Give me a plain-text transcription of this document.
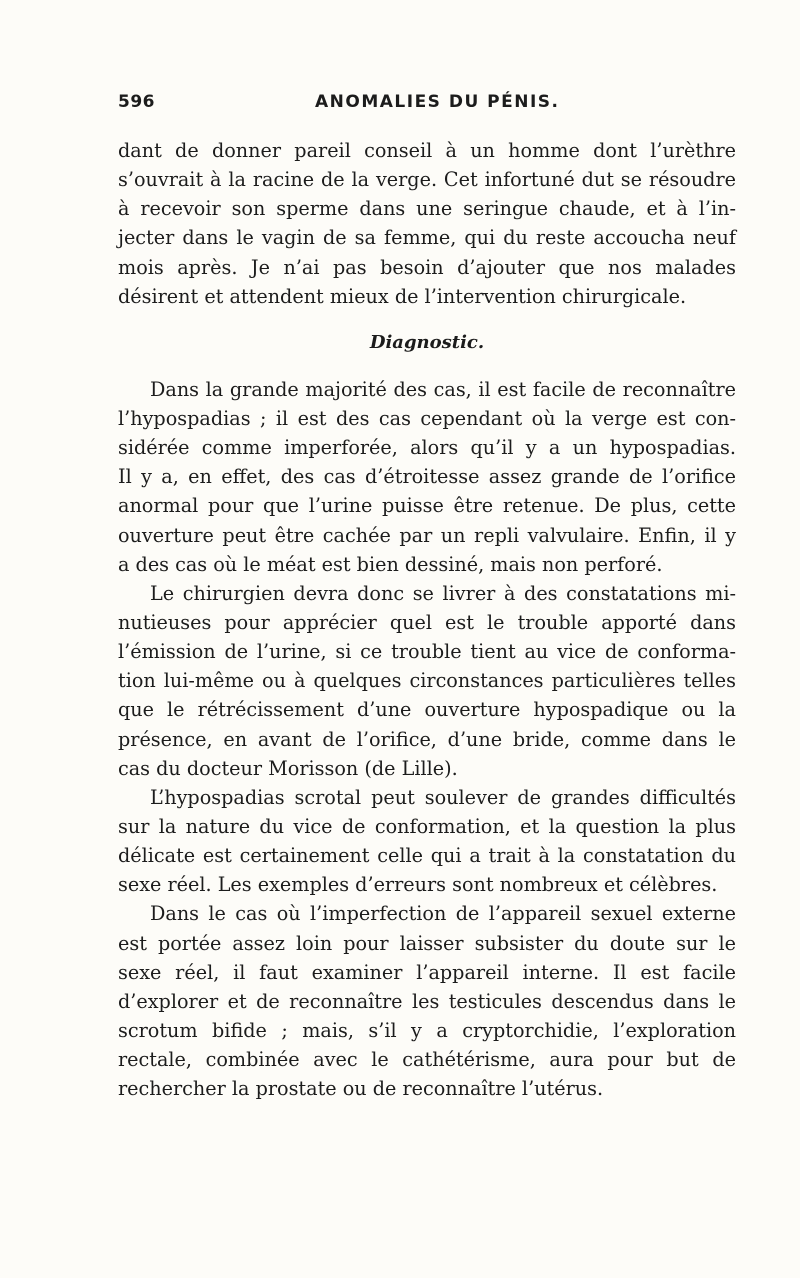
596	ANOMALIES DU PÉNIS.
dant de donner pareil conseil à un homme dont l’urèthre
s’ouvrait à la racine de la verge. Cet infortuné dut se résoudre
à recevoir son sperme dans une seringue chaude, et à l’in-
jecter dans le vagin de sa femme, qui du reste accoucha neuf
mois après. Je n’ai pas besoin d’ajouter que nos malades
désirent et attendent mieux de l’intervention chirurgicale.
Diagnostic.
Dans la grande majorité des cas, il est facile de reconnaître
l’hypospadias ; il est des cas cependant où la verge est con-
sidérée comme imperforée, alors qu’il y a un hypospadias.
Il y a, en effet, des cas d’étroitesse assez grande de l’orifice
anormal pour que l’urine puisse être retenue. De plus, cette
ouverture peut être cachée par un repli valvulaire. Enfin, il y
a des cas où le méat est bien dessiné, mais non perforé.
Le chirurgien devra donc se livrer à des constatations mi-
nutieuses pour apprécier quel est le trouble apporté dans
l’émission de l’urine, si ce trouble tient au vice de conforma-
tion lui-même ou à quelques circonstances particulières telles
que le rétrécissement d’une ouverture hypospadique ou la
présence, en avant de l’orifice, d’une bride, comme dans le
cas du docteur Morisson (de Lille).
L’hypospadias scrotal peut soulever de grandes difficultés
sur la nature du vice de conformation, et la question la plus
délicate est certainement celle qui a trait à la constatation du
sexe réel. Les exemples d’erreurs sont nombreux et célèbres.
Dans le cas où l’imperfection de l’appareil sexuel externe
est portée assez loin pour laisser subsister du doute sur le
sexe réel, il faut examiner l’appareil interne. Il est facile
d’explorer et de reconnaître les testicules descendus dans le
scrotum bifide ; mais, s’il y a cryptorchidie, l’exploration
rectale, combinée avec le cathétérisme, aura pour but de
rechercher la prostate ou de reconnaître l’utérus.
